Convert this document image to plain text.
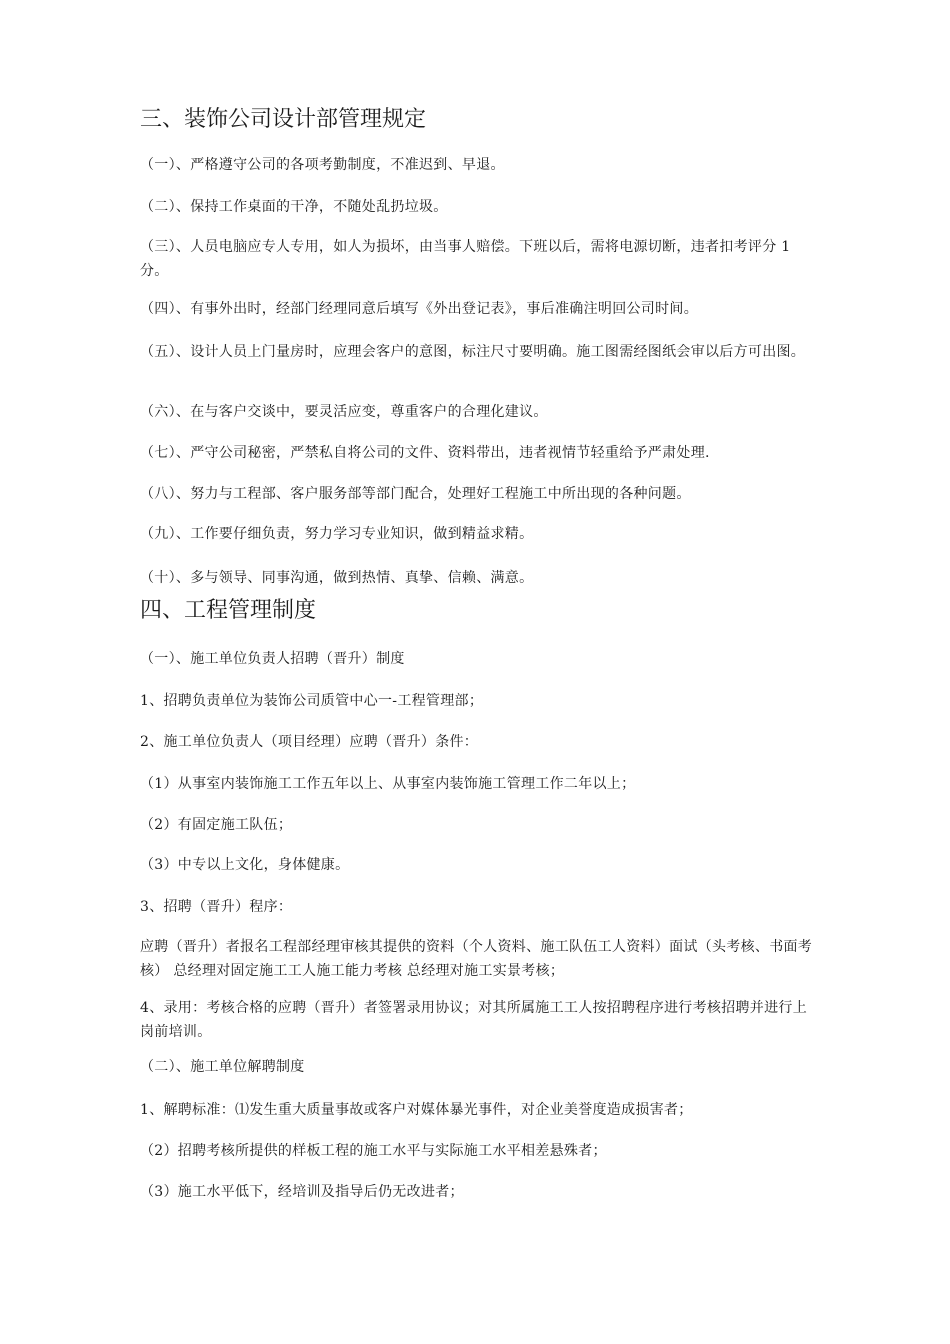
三、装饰公司设计部管理规定
（一）、严格遵守公司的各项考勤制度，不准迟到、早退。
（二）、保持工作桌面的干净，不随处乱扔垃圾。
（三）、人员电脑应专人专用，如人为损坏，由当事人赔偿。下班以后，需将电源切断，违者扣考评分 1 分。
（四）、有事外出时，经部门经理同意后填写《外出登记表》，事后准确注明回公司时间。
（五）、设计人员上门量房时，应理会客户的意图，标注尺寸要明确。施工图需经图纸会审以后方可出图。
（六）、在与客户交谈中，要灵活应变，尊重客户的合理化建议。
（七）、严守公司秘密，严禁私自将公司的文件、资料带出，违者视情节轻重给予严肃处理.
（八）、努力与工程部、客户服务部等部门配合，处理好工程施工中所出现的各种问题。
（九）、工作要仔细负责，努力学习专业知识，做到精益求精。
（十）、多与领导、同事沟通，做到热情、真挚、信赖、满意。
四、工程管理制度
（一）、施工单位负责人招聘（晋升）制度
1、招聘负责单位为装饰公司质管中心一-工程管理部；
2、施工单位负责人（项目经理）应聘（晋升）条件：
（1）从事室内装饰施工工作五年以上、从事室内装饰施工管理工作二年以上；
（2）有固定施工队伍；
（3）中专以上文化，身体健康。
3、招聘（晋升）程序：
应聘（晋升）者报名工程部经理审核其提供的资料（个人资料、施工队伍工人资料）面试（头考核、书面考核） 总经理对固定施工工人施工能力考核 总经理对施工实景考核；
4、录用：考核合格的应聘（晋升）者签署录用协议；对其所属施工工人按招聘程序进行考核招聘并进行上岗前培训。
（二）、施工单位解聘制度
1、解聘标准：⑴发生重大质量事故或客户对媒体暴光事件，对企业美誉度造成损害者；
（2）招聘考核所提供的样板工程的施工水平与实际施工水平相差悬殊者；
（3）施工水平低下，经培训及指导后仍无改进者；
